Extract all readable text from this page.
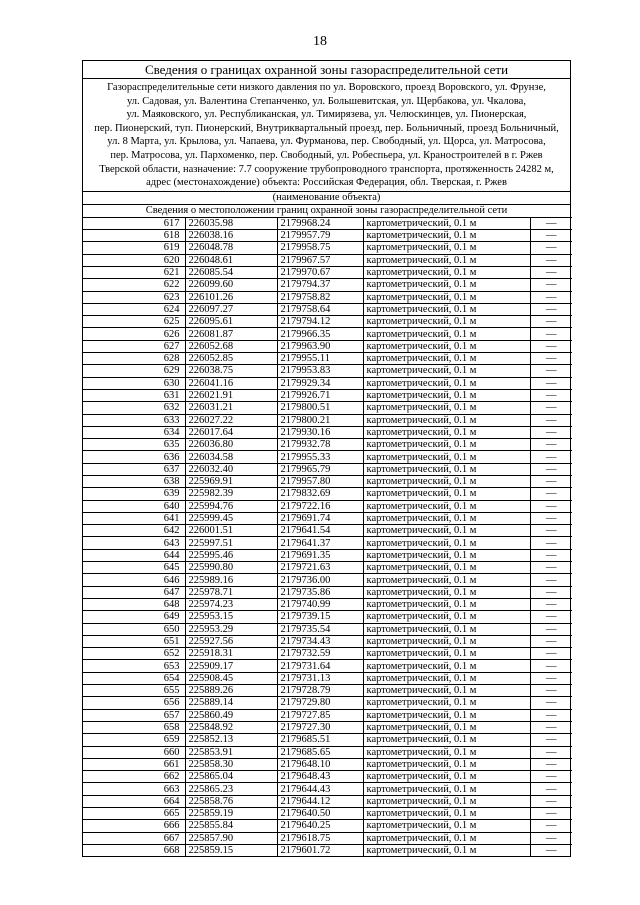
18
Сведения о границах охранной зоны газораспределительной сети
Газораспределительные сети низкого давления по ул. Воровского, проезд Воровского, ул. Фрунзе,
ул. Садовая, ул. Валентина Степанченко, ул. Большевитская, ул. Щербакова, ул. Чкалова,
ул. Маяковского, ул. Республиканская, ул. Тимирязева, ул. Челюскинцев, ул. Пионерская,
пер. Пионерский, туп. Пионерский, Внутриквартальный проезд, пер. Больничный, проезд Больничный,
ул. 8 Марта, ул. Крылова, ул. Чапаева, ул. Фурманова, пер. Свободный, ул. Щорса, ул. Матросова,
пер. Матросова, ул. Пархоменко, пер. Свободный, ул. Робеспьера, ул. Краностроителей в г. Ржев
Тверской области, назначение: 7.7 сооружение трубопроводного транспорта, протяженность 24282 м,
адрес (местонахождение) объекта: Российская Федерация, обл. Тверская, г. Ржев
(наименование объекта)
Сведения о местоположении границ охранной зоны газораспределительной сети
617	226035.98	2179968.24	картометрический, 0.1 м	—
618	226038.16	2179957.79	картометрический, 0.1 м	—
619	226048.78	2179958.75	картометрический, 0.1 м	—
620	226048.61	2179967.57	картометрический, 0.1 м	—
621	226085.54	2179970.67	картометрический, 0.1 м	—
622	226099.60	2179794.37	картометрический, 0.1 м	—
623	226101.26	2179758.82	картометрический, 0.1 м	—
624	226097.27	2179758.64	картометрический, 0.1 м	—
625	226095.61	2179794.12	картометрический, 0.1 м	—
626	226081.87	2179966.35	картометрический, 0.1 м	—
627	226052.68	2179963.90	картометрический, 0.1 м	—
628	226052.85	2179955.11	картометрический, 0.1 м	—
629	226038.75	2179953.83	картометрический, 0.1 м	—
630	226041.16	2179929.34	картометрический, 0.1 м	—
631	226021.91	2179926.71	картометрический, 0.1 м	—
632	226031.21	2179800.51	картометрический, 0.1 м	—
633	226027.22	2179800.21	картометрический, 0.1 м	—
634	226017.64	2179930.16	картометрический, 0.1 м	—
635	226036.80	2179932.78	картометрический, 0.1 м	—
636	226034.58	2179955.33	картометрический, 0.1 м	—
637	226032.40	2179965.79	картометрический, 0.1 м	—
638	225969.91	2179957.80	картометрический, 0.1 м	—
639	225982.39	2179832.69	картометрический, 0.1 м	—
640	225994.76	2179722.16	картометрический, 0.1 м	—
641	225999.45	2179691.74	картометрический, 0.1 м	—
642	226001.51	2179641.54	картометрический, 0.1 м	—
643	225997.51	2179641.37	картометрический, 0.1 м	—
644	225995.46	2179691.35	картометрический, 0.1 м	—
645	225990.80	2179721.63	картометрический, 0.1 м	—
646	225989.16	2179736.00	картометрический, 0.1 м	—
647	225978.71	2179735.86	картометрический, 0.1 м	—
648	225974.23	2179740.99	картометрический, 0.1 м	—
649	225953.15	2179739.15	картометрический, 0.1 м	—
650	225953.29	2179735.54	картометрический, 0.1 м	—
651	225927.56	2179734.43	картометрический, 0.1 м	—
652	225918.31	2179732.59	картометрический, 0.1 м	—
653	225909.17	2179731.64	картометрический, 0.1 м	—
654	225908.45	2179731.13	картометрический, 0.1 м	—
655	225889.26	2179728.79	картометрический, 0.1 м	—
656	225889.14	2179729.80	картометрический, 0.1 м	—
657	225860.49	2179727.85	картометрический, 0.1 м	—
658	225848.92	2179727.30	картометрический, 0.1 м	—
659	225852.13	2179685.51	картометрический, 0.1 м	—
660	225853.91	2179685.65	картометрический, 0.1 м	—
661	225858.30	2179648.10	картометрический, 0.1 м	—
662	225865.04	2179648.43	картометрический, 0.1 м	—
663	225865.23	2179644.43	картометрический, 0.1 м	—
664	225858.76	2179644.12	картометрический, 0.1 м	—
665	225859.19	2179640.50	картометрический, 0.1 м	—
666	225855.84	2179640.25	картометрический, 0.1 м	—
667	225857.90	2179618.75	картометрический, 0.1 м	—
668	225859.15	2179601.72	картометрический, 0.1 м	—
